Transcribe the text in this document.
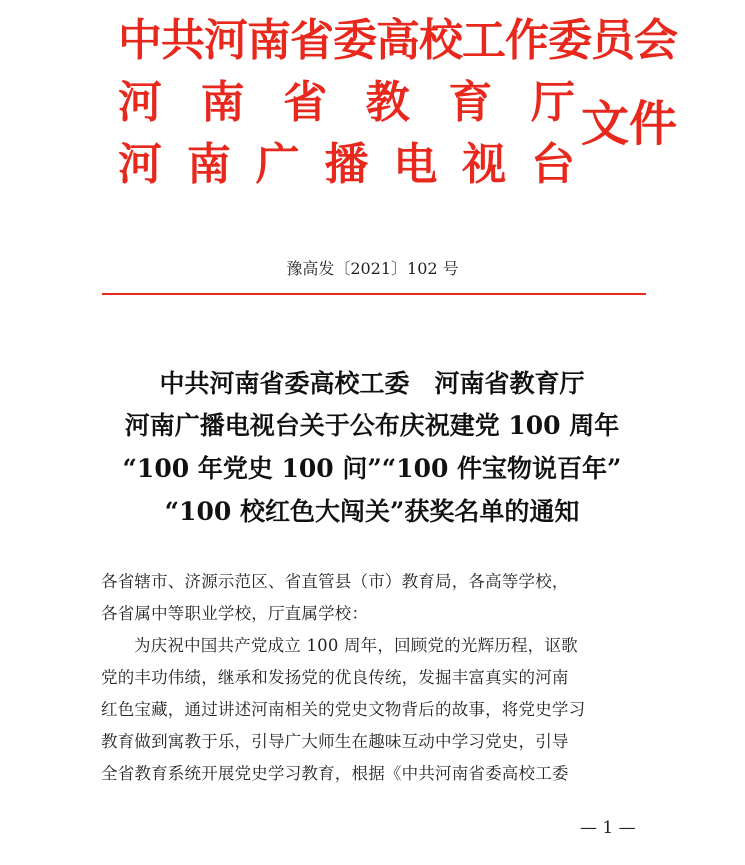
中共河南省委高校工作委员会
河 南 省 教 育 厅
河 南 广 播 电 视 台
文件
豫高发〔2021〕102 号
中共河南省委高校工委　河南省教育厅
河南广播电视台关于公布庆祝建党 100 周年
“100 年党史 100 问”“100 件宝物说百年”
“100 校红色大闯关”获奖名单的通知
各省辖市、济源示范区、省直管县（市）教育局，各高等学校，
各省属中等职业学校，厅直属学校：
为庆祝中国共产党成立 100 周年，回顾党的光辉历程，讴歌
党的丰功伟绩，继承和发扬党的优良传统，发掘丰富真实的河南
红色宝藏，通过讲述河南相关的党史文物背后的故事，将党史学习
教育做到寓教于乐，引导广大师生在趣味互动中学习党史，引导
全省教育系统开展党史学习教育，根据《中共河南省委高校工委
— 1 —
